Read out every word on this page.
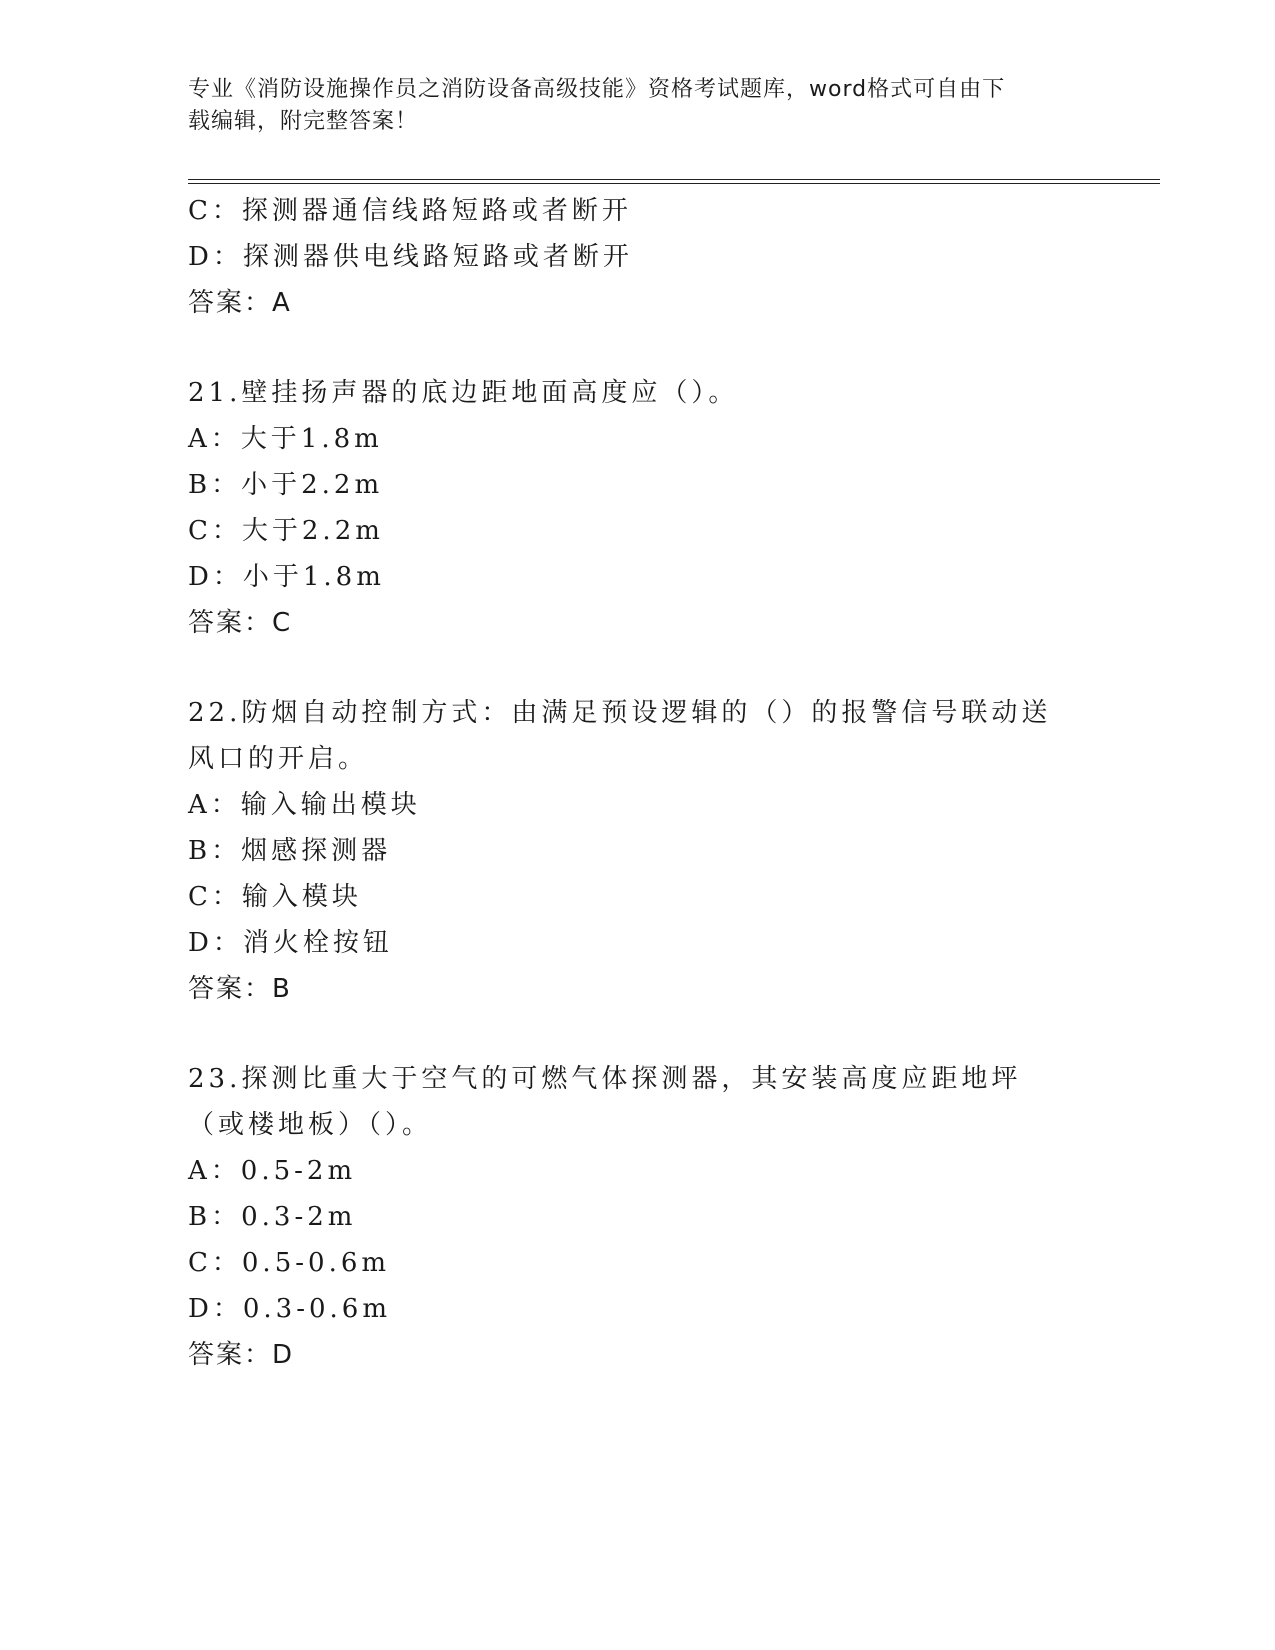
专业《消防设施操作员之消防设备高级技能》资格考试题库，word格式可自由下
载编辑，附完整答案！
C：探测器通信线路短路或者断开
D：探测器供电线路短路或者断开
答案：A
21.壁挂扬声器的底边距地面高度应（）。
A：大于1.8m
B：小于2.2m
C：大于2.2m
D：小于1.8m
答案：C
22.防烟自动控制方式：由满足预设逻辑的（）的报警信号联动送风口的开启。
A：输入输出模块
B：烟感探测器
C：输入模块
D：消火栓按钮
答案：B
23.探测比重大于空气的可燃气体探测器，其安装高度应距地坪（或楼地板）（）。
A：0.5-2m
B：0.3-2m
C：0.5-0.6m
D：0.3-0.6m
答案：D
